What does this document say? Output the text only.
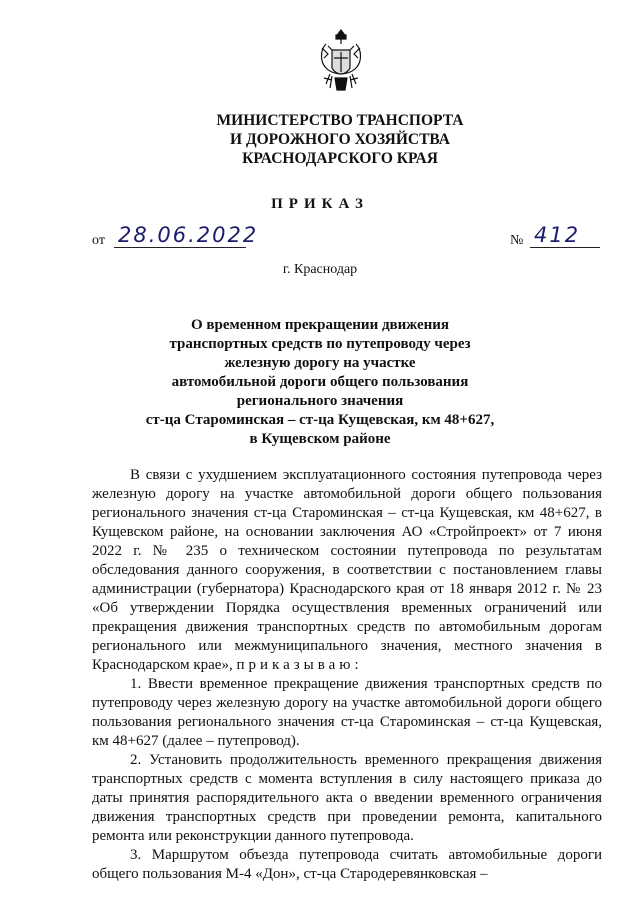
МИНИСТЕРСТВО ТРАНСПОРТА
И ДОРОЖНОГО ХОЗЯЙСТВА
КРАСНОДАРСКОГО КРАЯ
ПРИКАЗ
от 28.06.2022	№ 412
г. Краснодар
О временном прекращении движения
транспортных средств по путепроводу через
железную дорогу на участке
автомобильной дороги общего пользования
регионального значения
ст-ца Староминская – ст-ца Кущевская, км 48+627,
в Кущевском районе

В связи с ухудшением эксплуатационного состояния путепровода через железную дорогу на участке автомобильной дороги общего пользования регионального значения ст-ца Староминская – ст-ца Кущевская, км 48+627, в Кущевском районе, на основании заключения АО «Стройпроект» от 7 июня 2022 г. № 235 о техническом состоянии путепровода по результатам обследования данного сооружения, в соответствии с постановлением главы администрации (губернатора) Краснодарского края от 18 января 2012 г. № 23 «Об утверждении Порядка осуществления временных ограничений или прекращения движения транспортных средств по автомобильным дорогам регионального или межмуниципального значения, местного значения в Краснодарском крае», приказываю:

1. Ввести временное прекращение движения транспортных средств по путепроводу через железную дорогу на участке автомобильной дороги общего пользования регионального значения ст-ца Староминская – ст-ца Кущевская, км 48+627 (далее – путепровод).

2. Установить продолжительность временного прекращения движения транспортных средств с момента вступления в силу настоящего приказа до даты принятия распорядительного акта о введении временного ограничения движения транспортных средств при проведении ремонта, капитального ремонта или реконструкции данного путепровода.

3. Маршрутом объезда путепровода считать автомобильные дороги общего пользования М-4 «Дон», ст-ца Стародеревянковская –
